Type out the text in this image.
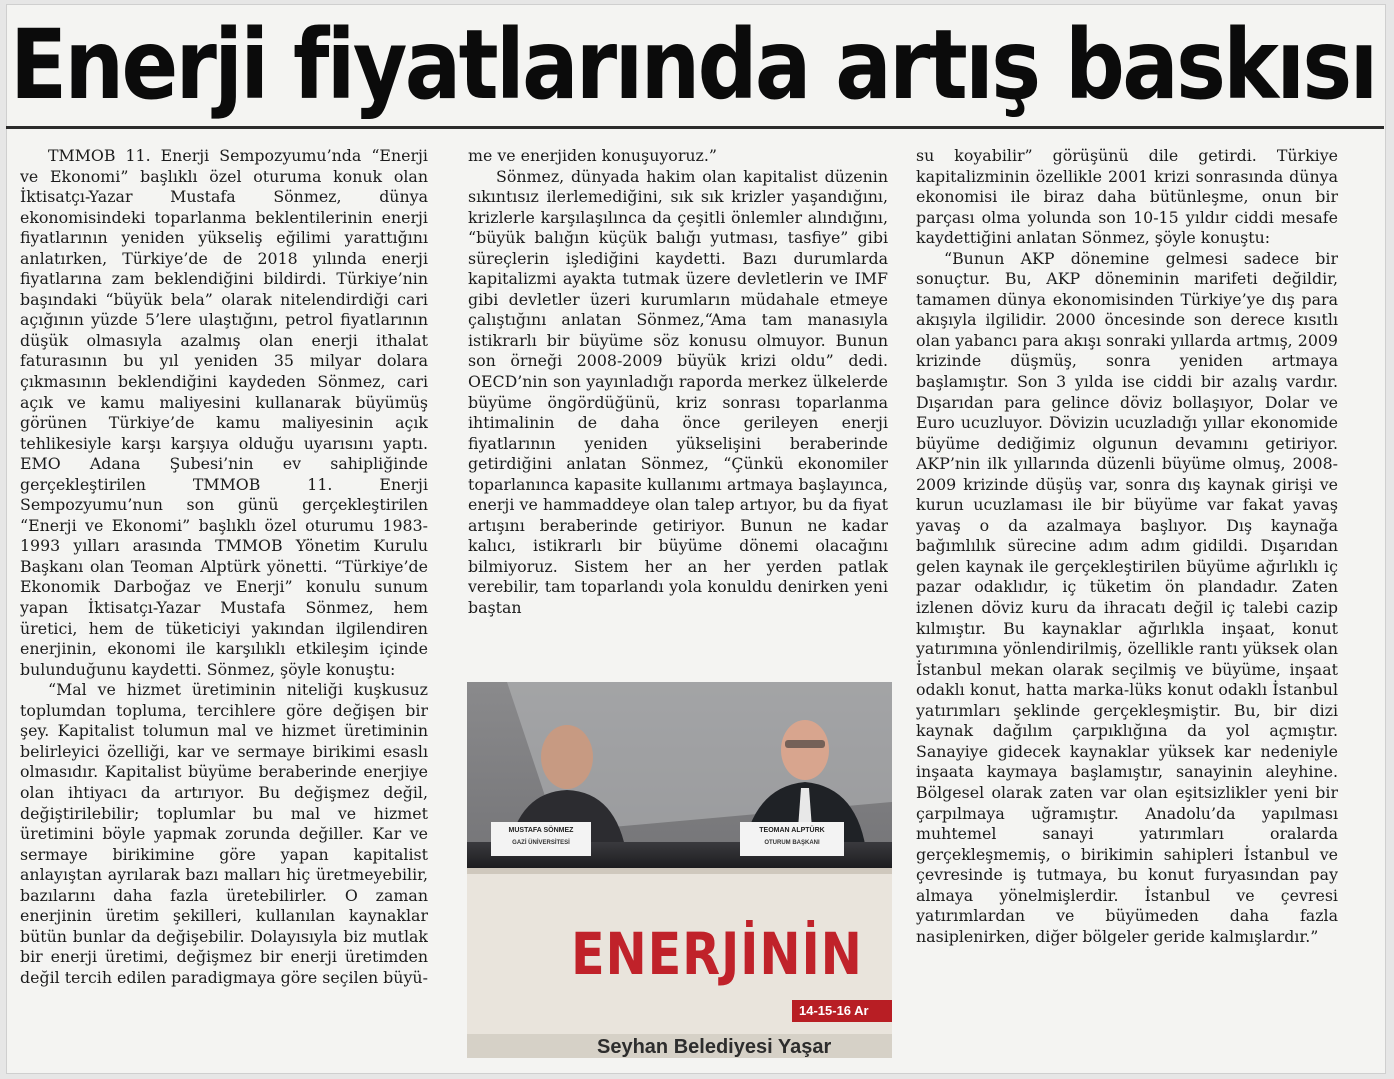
Enerji fiyatlarında artış baskısı

TMMOB 11. Enerji Sempozyumu’nda “Enerji ve Ekonomi” başlıklı özel oturuma konuk olan İktisatçı-Yazar Mustafa Sönmez, dünya ekonomisindeki toparlanma beklentilerinin enerji fiyatlarının yeniden yükseliş eğilimi yarattığını anlatırken, Türkiye’de de 2018 yılında enerji fiyatlarına zam beklendiğini bildirdi. Türkiye’nin başındaki “büyük bela” olarak nitelendirdiği cari açığının yüzde 5’lere ulaştığını, petrol fiyatlarının düşük olmasıyla azalmış olan enerji ithalat faturasının bu yıl yeniden 35 milyar dolara çıkmasının beklendiğini kaydeden Sönmez, cari açık ve kamu maliyesini kullanarak büyümüş görünen Türkiye’de kamu maliyesinin açık tehlikesiyle karşı karşıya olduğu uyarısını yaptı. EMO Adana Şubesi’nin ev sahipliğinde gerçekleştirilen TMMOB 11. Enerji Sempozyumu’nun son günü gerçekleştirilen “Enerji ve Ekonomi” başlıklı özel oturumu 1983-1993 yılları arasında TMMOB Yönetim Kurulu Başkanı olan Teoman Alptürk yönetti. “Türkiye’de Ekonomik Darboğaz ve Enerji” konulu sunum yapan İktisatçı-Yazar Mustafa Sönmez, hem üretici, hem de tüketiciyi yakından ilgilendiren enerjinin, ekonomi ile karşılıklı etkileşim içinde bulunduğunu kaydetti. Sönmez, şöyle konuştu:

“Mal ve hizmet üretiminin niteliği kuşkusuz toplumdan topluma, tercihlere göre değişen bir şey. Kapitalist tolumun mal ve hizmet üretiminin belirleyici özelliği, kar ve sermaye birikimi esaslı olmasıdır. Kapitalist büyüme beraberinde enerjiye olan ihtiyacı da artırıyor. Bu değişmez değil, değiştirilebilir; toplumlar bu mal ve hizmet üretimini böyle yapmak zorunda değiller. Kar ve sermaye birikimine göre yapan kapitalist anlayıştan ayrılarak bazı malları hiç üretmeyebilir, bazılarını daha fazla üretebilirler. O zaman enerjinin üretim şekilleri, kullanılan kaynaklar bütün bunlar da değişebilir. Dolayısıyla biz mutlak bir enerji üretimi, değişmez bir enerji üretimden değil tercih edilen paradigmaya göre seçilen büyü-

me ve enerjiden konuşuyoruz.”

Sönmez, dünyada hakim olan kapitalist düzenin sıkıntısız ilerlemediğini, sık sık krizler yaşandığını, krizlerle karşılaşılınca da çeşitli önlemler alındığını, “büyük balığın küçük balığı yutması, tasfiye” gibi süreçlerin işlediğini kaydetti. Bazı durumlarda kapitalizmi ayakta tutmak üzere devletlerin ve IMF gibi devletler üzeri kurumların müdahale etmeye çalıştığını anlatan Sönmez,“Ama tam manasıyla istikrarlı bir büyüme söz konusu olmuyor. Bunun son örneği 2008-2009 büyük krizi oldu” dedi. OECD’nin son yayınladığı raporda merkez ülkelerde büyüme öngördüğünü, kriz sonrası toparlanma ihtimalinin de daha önce gerileyen enerji fiyatlarının yeniden yükselişini beraberinde getirdiğini anlatan Sönmez, “Çünkü ekonomiler toparlanınca kapasite kullanımı artmaya başlayınca, enerji ve hammaddeye olan talep artıyor, bu da fiyat artışını beraberinde getiriyor. Bunun ne kadar kalıcı, istikrarlı bir büyüme dönemi olacağını bilmiyoruz. Sistem her an her yerden patlak verebilir, tam toparlandı yola konuldu denirken yeni baştan

MUSTAFA SÖNMEZ
GAZİ ÜNİVERSİTESİ
TEOMAN ALPTÜRK
OTURUM BAŞKANI
ENERJİNİN
14-15-16 Ar
Seyhan Belediyesi Yaşar

su koyabilir” görüşünü dile getirdi. Türkiye kapitalizminin özellikle 2001 krizi sonrasında dünya ekonomisi ile biraz daha bütünleşme, onun bir parçası olma yolunda son 10-15 yıldır ciddi mesafe kaydettiğini anlatan Sönmez, şöyle konuştu:

“Bunun AKP dönemine gelmesi sadece bir sonuçtur. Bu, AKP döneminin marifeti değildir, tamamen dünya ekonomisinden Türkiye’ye dış para akışıyla ilgilidir. 2000 öncesinde son derece kısıtlı olan yabancı para akışı sonraki yıllarda artmış, 2009 krizinde düşmüş, sonra yeniden artmaya başlamıştır. Son 3 yılda ise ciddi bir azalış vardır. Dışarıdan para gelince döviz bollaşıyor, Dolar ve Euro ucuzluyor. Dövizin ucuzladığı yıllar ekonomide büyüme dediğimiz olgunun devamını getiriyor. AKP’nin ilk yıllarında düzenli büyüme olmuş, 2008-2009 krizinde düşüş var, sonra dış kaynak girişi ve kurun ucuzlaması ile bir büyüme var fakat yavaş yavaş o da azalmaya başlıyor. Dış kaynağa bağımlılık sürecine adım adım gidildi. Dışarıdan gelen kaynak ile gerçekleştirilen büyüme ağırlıklı iç pazar odaklıdır, iç tüketim ön plandadır. Zaten izlenen döviz kuru da ihracatı değil iç talebi cazip kılmıştır. Bu kaynaklar ağırlıkla inşaat, konut yatırımına yönlendirilmiş, özellikle rantı yüksek olan İstanbul mekan olarak seçilmiş ve büyüme, inşaat odaklı konut, hatta marka-lüks konut odaklı İstanbul yatırımları şeklinde gerçekleşmiştir. Bu, bir dizi kaynak dağılım çarpıklığına da yol açmıştır. Sanayiye gidecek kaynaklar yüksek kar nedeniyle inşaata kaymaya başlamıştır, sanayinin aleyhine. Bölgesel olarak zaten var olan eşitsizlikler yeni bir çarpılmaya uğramıştır. Anadolu’da yapılması muhtemel sanayi yatırımları oralarda gerçekleşmemiş, o birikimin sahipleri İstanbul ve çevresinde iş tutmaya, bu konut furyasından pay almaya yönelmişlerdir. İstanbul ve çevresi yatırımlardan ve büyümeden daha fazla nasiplenirken, diğer bölgeler geride kalmışlardır.”
